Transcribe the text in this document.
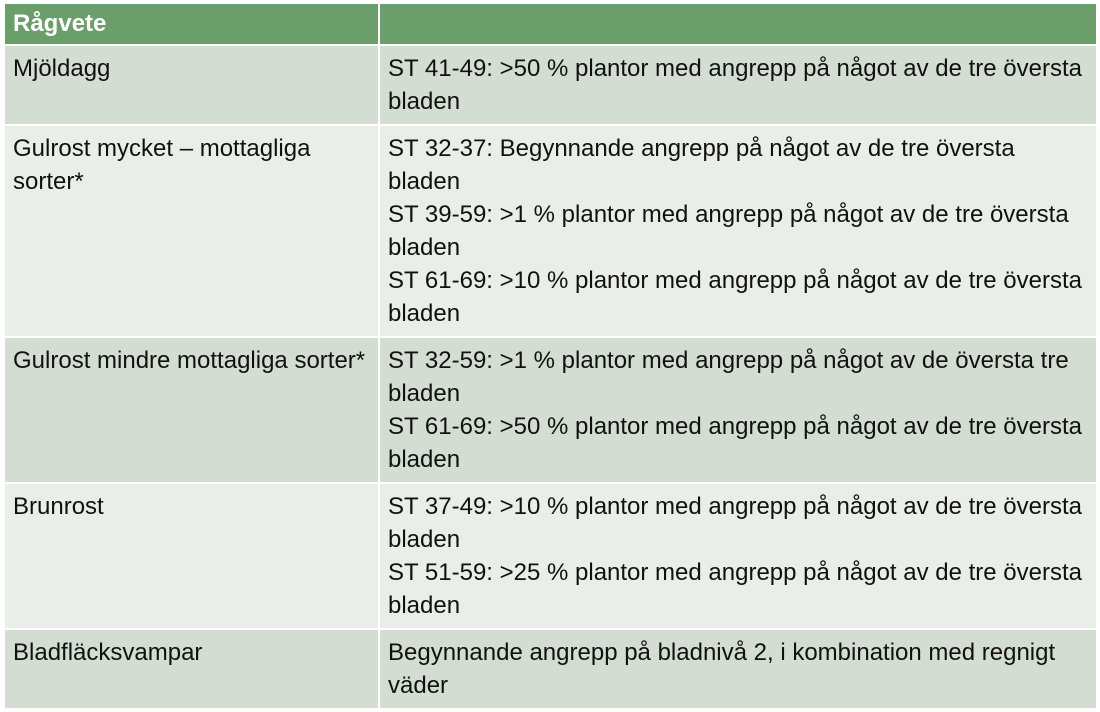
Rågvete	
Mjöldagg	ST 41-49: >50 % plantor med angrepp på något av de tre översta bladen

Gulrost mycket – mottagliga sorter*	ST 32-37: Begynnande angrepp på något av de tre översta bladen
ST 39-59: >1 % plantor med angrepp på något av de tre översta bladen
ST 61-69: >10 % plantor med angrepp på något av de tre översta bladen

Gulrost mindre mottagliga sorter*	ST 32-59: >1 % plantor med angrepp på något av de översta tre bladen
ST 61-69: >50 % plantor med angrepp på något av de tre översta bladen

Brunrost	ST 37-49: >10 % plantor med angrepp på något av de tre översta bladen
ST 51-59: >25 % plantor med angrepp på något av de tre översta bladen

Bladfläcksvampar	Begynnande angrepp på bladnivå 2, i kombination med regnigt väder
